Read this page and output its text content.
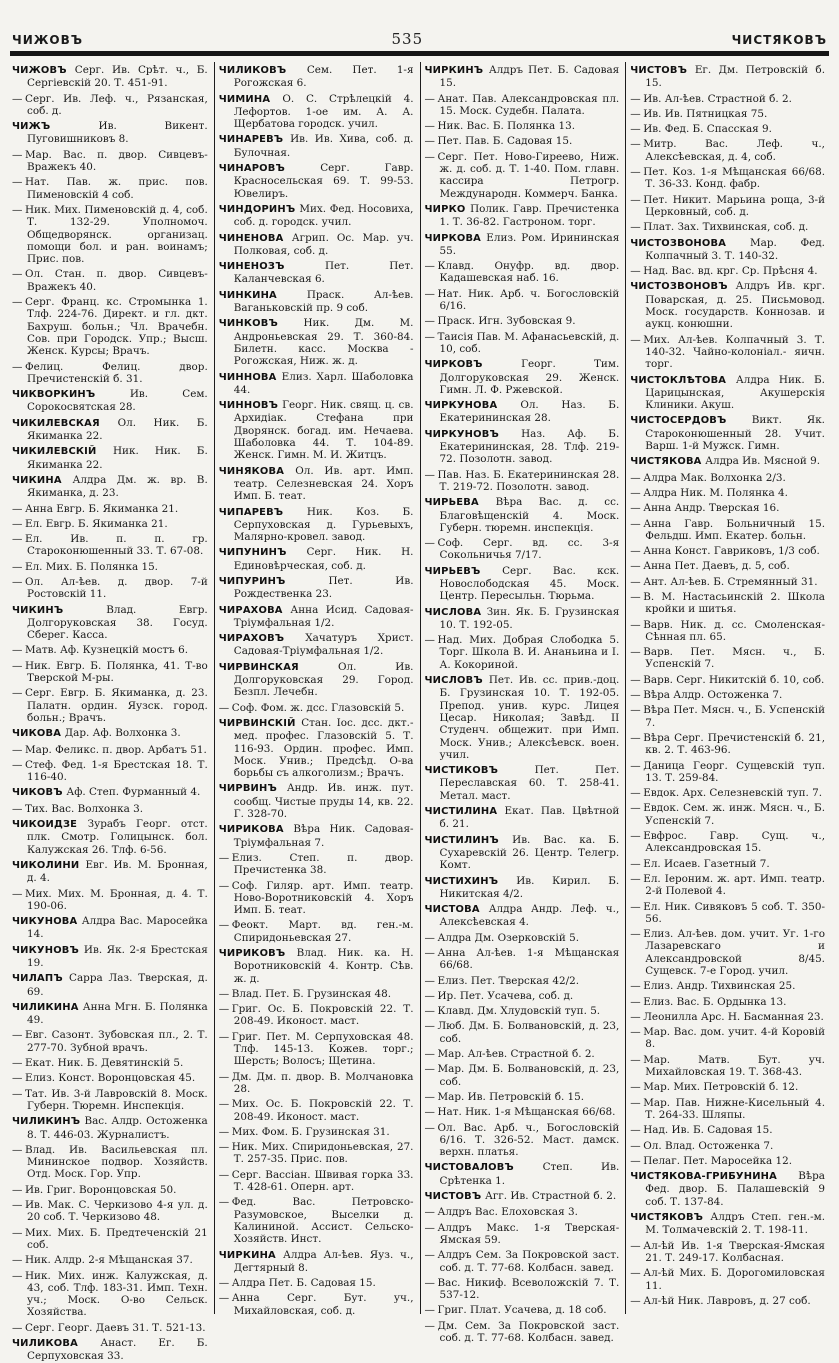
ЧИЖОВЪ	535	ЧИСТЯКОВЪ

ЧИЖОВЪ Серг. Ив. Срѣт. ч., Б. Сергіевскій 20. Т. 451-91.

— Серг. Ив. Леф. ч., Рязанская, соб. д.

ЧИЖЪ Ив. Викент. Пуговишниковъ 8.

— Мар. Вас. п. двор. Сивцевъ-Вражекъ 40.

— Нат. Пав. ж. прис. пов. Пименовскій 4 соб.

— Ник. Мих. Пименовскій д. 4, соб. Т. 132-29. Уполномоч. Общедворянск. организац. помощи бол. и ран. воинамъ; Прис. пов.

— Ол. Стан. п. двор. Сивцевъ-Вражекъ 40.

— Серг. Франц. кс. Стромынка 1. Тлф. 224-76. Директ. и гл. дкт. Бахруш. больн.; Чл. Врачебн. Сов. при Городск. Упр.; Высш. Женск. Курсы; Врачъ.

— Фелиц. Фелиц. двор. Пречистенскій б. 31.

ЧИКВОРКИНЪ Ив. Сем. Сорокосвятская 28.

ЧИКИЛЕВСКАЯ Ол. Ник. Б. Якиманка 22.

ЧИКИЛЕВСКІЙ Ник. Ник. Б. Якиманка 22.

ЧИКИНА Алдра Дм. ж. вр. В. Якиманка, д. 23.

— Анна Евгр. Б. Якиманка 21.

— Ел. Евгр. Б. Якиманка 21.

— Ел. Ив. п. п. гр. Староконюшенный 33. Т. 67-08.

— Ел. Мих. Б. Полянка 15.

— Ол. Ал-ѣев. д. двор. 7-й Ростовскій 11.

ЧИКИНЪ Влад. Евгр. Долгоруковская 38. Госуд. Сберег. Касса.

— Матв. Аф. Кузнецкій мостъ 6.

— Ник. Евгр. Б. Полянка, 41. Т-во Тверской М-ры.

— Серг. Евгр. Б. Якиманка, д. 23. Палатн. ордин. Яузск. город. больн.; Врачъ.

ЧИКОВА Дар. Аф. Волхонка 3.

— Мар. Феликс. п. двор. Арбатъ 51.

— Стеф. Фед. 1-я Брестская 18. Т. 116-40.

ЧИКОВЪ Аф. Степ. Фурманный 4.

— Тих. Вас. Волхонка 3.

ЧИКОИДЗЕ Зурабъ Георг. отст. плк. Смотр. Голицынск. бол. Калужская 26. Тлф. 6-56.

ЧИКОЛИНИ Евг. Ив. М. Бронная, д. 4.

— Мих. Мих. М. Бронная, д. 4. Т. 190-06.

ЧИКУНОВА Алдра Вас. Маросейка 14.

ЧИКУНОВЪ Ив. Як. 2-я Брестская 19.

ЧИЛАПЪ Сарра Лаз. Тверская, д. 69.

ЧИЛИКИНА Анна Мгн. Б. Полянка 49.

— Евг. Сазонт. Зубовская пл., 2. Т. 277-70. Зубной врачъ.

— Екат. Ник. Б. Девятинскій 5.

— Елиз. Конст. Воронцовская 45.

— Тат. Ив. 3-й Лавровскій 8. Моск. Губерн. Тюремн. Инспекція.

ЧИЛИКИНЪ Вас. Алдр. Остоженка 8. Т. 446-03. Журналистъ.

— Влад. Ив. Васильевская пл. Мининское подвор. Хозяйств. Отд. Моск. Гор. Упр.

— Ив. Григ. Воронцовская 50.

— Ив. Мак. С. Черкизово 4-я ул. д. 20 соб. Т. Черкизово 48.

— Мих. Мих. Б. Предтеченскій 21 соб.

— Ник. Алдр. 2-я Мѣщанская 37.

— Ник. Мих. инж. Калужская, д. 43, соб. Тлф. 183-31. Имп. Техн. уч.; Моск. О-во Сельск. Хозяйства.

— Серг. Георг. Даевъ 31. Т. 521-13.

ЧИЛИКОВА Анаст. Ег. Б. Серпуховская 33.

ЧИЛИКОВЪ Сем. Пет. 1-я Рогожская 6.

ЧИМИНА О. С. Стрѣлецкій 4. Лефортов. 1-ое им. А. А. Щербатова городск. учил.

ЧИНАРЕВЪ Ив. Ив. Хива, соб. д. Булочная.

ЧИНАРОВЪ Серг. Гавр. Красносельская 69. Т. 99-53. Ювелиръ.

ЧИНДОРИНЪ Мих. Фед. Носовиха, соб. д. городск. учил.

ЧИНЕНОВА Агрип. Ос. Мар. уч. Полковая, соб. д.

ЧИНЕНОЗЪ Пет. Пет. Каланчевская 6.

ЧИНКИНА Праск. Ал-ѣев. Ваганьковскій пр. 9 соб.

ЧИНКОВЪ Ник. Дм. М. Андроньевская 29. Т. 360-84. Билетн. касс. Москва - Рогожская, Ниж. ж. д.

ЧИННОВА Елиз. Харл. Шаболовка 44.

ЧИННОВЪ Георг. Ник. свящ. ц. св. Архидіак. Стефана при Дворянск. богад. им. Нечаева. Шаболовка 44. Т. 104-89. Женск. Гимн. М. И. Житцъ.

ЧИНЯКОВА Ол. Ив. арт. Имп. театр. Селезневская 24. Хоръ Имп. Б. теат.

ЧИПАРЕВЪ Ник. Коз. Б. Серпуховская д. Гурьевыхъ, Малярно-кровел. завод.

ЧИПУНИНЪ Серг. Ник. Н. Единовѣрческая, соб. д.

ЧИПУРИНЪ Пет. Ив. Рождественка 23.

ЧИРАХОВА Анна Исид. Садовая-Тріумфальная 1/2.

ЧИРАХОВЪ Хачатуръ Христ. Садовая-Тріумфальная 1/2.

ЧИРВИНСКАЯ Ол. Ив. Долгоруковская 29. Город. Безпл. Лечебн.

— Соф. Фом. ж. дсс. Глазовскій 5.

ЧИРВИНСКІЙ Стан. Іос. дсс. дкт.-мед. профес. Глазовскій 5. Т. 116-93. Ордин. профес. Имп. Моск. Унив.; Предсѣд. О-ва борьбы съ алкоголизм.; Врачъ.

ЧИРВИНЪ Андр. Ив. инж. пут. сообщ. Чистые пруды 14, кв. 22. Г. 328-70.

ЧИРИКОВА Вѣра Ник. Садовая-Тріумфальная 7.

— Елиз. Степ. п. двор. Пречистенка 38.

— Соф. Гиляр. арт. Имп. театр. Ново-Воротниковскій 4. Хоръ Имп. Б. теат.

— Феокт. Март. вд. ген.-м. Спиридоньевская 27.

ЧИРИКОВЪ Влад. Ник. ка. Н. Воротниковскій 4. Контр. Сѣв. ж. д.

— Влад. Пет. Б. Грузинская 48.

— Григ. Ос. Б. Покровскій 22. Т. 208-49. Иконост. маст.

— Григ. Пет. М. Серпуховская 48. Тлф. 145-13. Кожев. торг.; Шерсть; Волосъ; Щетина.

— Дм. Дм. п. двор. В. Молчановка 28.

— Мих. Ос. Б. Покровскій 22. Т. 208-49. Иконост. маст.

— Мих. Фом. Б. Грузинская 31.

— Ник. Мих. Спиридоньевская, 27. Т. 257-35. Прис. пов.

— Серг. Вассіан. Швивая горка 33. Т. 428-61. Оперн. арт.

— Фед. Вас. Петровско-Разумовское, Выселки д. Калининой. Ассист. Сельско-Хозяйств. Инст.

ЧИРКИНА Алдра Ал-ѣев. Яуз. ч., Дегтярный 8.

— Алдра Пет. Б. Садовая 15.

— Анна Серг. Бут. уч., Михайловская, соб. д.

ЧИРКИНЪ Алдръ Пет. Б. Садовая 15.

— Анат. Пав. Александровская пл. 15. Моск. Судебн. Палата.

— Ник. Вас. Б. Полянка 13.

— Пет. Пав. Б. Садовая 15.

— Серг. Пет. Ново-Гиреево, Ниж. ж. д. соб. д. Т. 1-40. Пом. главн. кассира Петрогр. Международн. Коммерч. Банка.

ЧИРКО Полик. Гавр. Пречистенка 1. Т. 36-82. Гастроном. торг.

ЧИРКОВА Елиз. Ром. Ирининская 55.

— Клавд. Онуфр. вд. двор. Кадашевская наб. 16.

— Нат. Ник. Арб. ч. Богословскій 6/16.

— Праск. Игн. Зубовская 9.

— Таисія Пав. М. Афанасьевскій, д. 10, соб.

ЧИРКОВЪ Георг. Тим. Долгоруковская 29. Женск. Гимн. Л. Ф. Ржевской.

ЧИРКУНОВА Ол. Наз. Б. Екатерининская 28.

ЧИРКУНОВЪ Наз. Аф. Б. Екатерининская, 28. Тлф. 219-72. Позолотн. завод.

— Пав. Наз. Б. Екатерининская 28. Т. 219-72. Позолотн. завод.

ЧИРЬЕВА Вѣра Вас. д. сс. Благовѣщенскій 4. Моск. Губерн. тюремн. инспекція.

— Соф. Серг. вд. сс. 3-я Сокольничья 7/17.

ЧИРЬЕВЪ Серг. Вас. кск. Новослободская 45. Моск. Центр. Пересыльн. Тюрьма.

ЧИСЛОВА Зин. Як. Б. Грузинская 10. Т. 192-05.

— Над. Мих. Добрая Слободка 5. Торг. Школа В. И. Ананьина и І. А. Кокориной.

ЧИСЛОВЪ Пет. Ив. сс. прив.-доц. Б. Грузинская 10. Т. 192-05. Препод. унив. курс. Лицея Цесар. Николая; Завѣд. II Студенч. общежит. при Имп. Моск. Унив.; Алексѣевск. воен. учил.

ЧИСТИКОВЪ Пет. Пет. Переславская 60. Т. 258-41. Метал. маст.

ЧИСТИЛИНА Екат. Пав. Цвѣтной б. 21.

ЧИСТИЛИНЪ Ив. Вас. ка. Б. Сухаревскій 26. Центр. Телегр. Комт.

ЧИСТИХИНЪ Ив. Кирил. Б. Никитская 4/2.

ЧИСТОВА Алдра Андр. Леф. ч., Алексѣевская 4.

— Алдра Дм. Озерковскій 5.

— Анна Ал-ѣев. 1-я Мѣщанская 66/68.

— Елиз. Пет. Тверская 42/2.

— Ир. Пет. Усачева, соб. д.

— Клавд. Дм. Хлудовскій туп. 5.

— Люб. Дм. Б. Болвановскій, д. 23, соб.

— Мар. Ал-ѣев. Страстной б. 2.

— Мар. Дм. Б. Болвановскій, д. 23, соб.

— Мар. Ив. Петровскій б. 15.

— Нат. Ник. 1-я Мѣщанская 66/68.

— Ол. Вас. Арб. ч., Богословскій 6/16. Т. 326-52. Маст. дамск. верхн. платья.

ЧИСТОВАЛОВЪ Степ. Ив. Срѣтенка 1.

ЧИСТОВЪ Агг. Ив. Страстной б. 2.

— Алдръ Вас. Елоховская 3.

— Алдръ Макс. 1-я Тверская-Ямская 59.

— Алдръ Сем. За Покровской заст. соб. д. Т. 77-68. Колбасн. завед.

— Вас. Никиф. Всеволожскій 7. Т. 537-12.

— Григ. Плат. Усачева, д. 18 соб.

— Дм. Сем. За Покровской заст. соб. д. Т. 77-68. Колбасн. завед.

ЧИСТОВЪ Ег. Дм. Петровскій б. 15.

— Ив. Ал-ѣев. Страстной б. 2.

— Ив. Ив. Пятницкая 75.

— Ив. Фед. Б. Спасская 9.

— Митр. Вас. Леф. ч., Алексѣевская, д. 4, соб.

— Пет. Коз. 1-я Мѣщанская 66/68. Т. 36-33. Конд. фабр.

— Пет. Никит. Марьина роща, 3-й Церковный, соб. д.

— Плат. Зах. Тихвинская, соб. д.

ЧИСТОЗВОНОВА Мар. Фед. Колпачный 3. Т. 140-32.

— Над. Вас. вд. крг. Ср. Прѣсня 4.

ЧИСТОЗВОНОВЪ Алдръ Ив. крг. Поварская, д. 25. Письмовод. Моск. государств. Коннозав. и аукц. конюшни.

— Мих. Ал-ѣев. Колпачный 3. Т. 140-32. Чайно-колоніал.- яичн. торг.

ЧИСТОКЛѢТОВА Алдра Ник. Б. Царицынская, Акушерскія Клиники. Акуш.

ЧИСТОСЕРДОВЪ Викт. Як. Староконюшенный 28. Учит. Варш. 1-й Мужск. Гимн.

ЧИСТЯКОВА Алдра Ив. Мясной 9.

— Алдра Мак. Волхонка 2/3.

— Алдра Ник. М. Полянка 4.

— Анна Андр. Тверская 16.

— Анна Гавр. Больничный 15. Фельдш. Имп. Екатер. больн.

— Анна Конст. Гавриковъ, 1/3 соб.

— Анна Пет. Даевъ, д. 5, соб.

— Ант. Ал-ѣев. Б. Стремянный 31.

— В. М. Настасьинскій 2. Школа кройки и шитья.

— Варв. Ник. д. сс. Смоленская-Сѣнная пл. 65.

— Варв. Пет. Мясн. ч., Б. Успенскій 7.

— Варв. Серг. Никитскій б. 10, соб.

— Вѣра Алдр. Остоженка 7.

— Вѣра Пет. Мясн. ч., Б. Успенскій 7.

— Вѣра Серг. Пречистенскій б. 21, кв. 2. Т. 463-96.

— Даница Георг. Сущевскій туп. 13. Т. 259-84.

— Евдок. Арх. Селезневскій туп. 7.

— Евдок. Сем. ж. инж. Мясн. ч., Б. Успенскій 7.

— Евфрос. Гавр. Сущ. ч., Александровская 15.

— Ел. Исаев. Газетный 7.

— Ел. Іероним. ж. арт. Имп. театр. 2-й Полевой 4.

— Ел. Ник. Сивяковъ 5 соб. Т. 350-56.

— Елиз. Ал-ѣев. дом. учит. Уг. 1-го Лазаревскаго и Александровской 8/45. Сущевск. 7-е Город. учил.

— Елиз. Андр. Тихвинская 25.

— Елиз. Вас. Б. Ордынка 13.

— Леонилла Арс. Н. Басманная 23.

— Мар. Вас. дом. учит. 4-й Коровій 8.

— Мар. Матв. Бут. уч. Михайловская 19. Т. 368-43.

— Мар. Мих. Петровскій б. 12.

— Мар. Пав. Нижне-Кисельный 4. Т. 264-33. Шляпы.

— Над. Ив. Б. Садовая 15.

— Ол. Влад. Остоженка 7.

— Пелаг. Пет. Маросейка 12.

ЧИСТЯКОВА-ГРИБУНИНА Вѣра Фед. двор. Б. Палашевскій 9 соб. Т. 137-84.

ЧИСТЯКОВЪ Алдръ Степ. ген.-м. М. Толмачевскій 2. Т. 198-11.

— Ал-ѣй Ив. 1-я Тверская-Ямская 21. Т. 249-17. Колбасная.

— Ал-ѣй Мих. Б. Дорогомиловская 11.

— Ал-ѣй Ник. Лавровъ, д. 27 соб.
